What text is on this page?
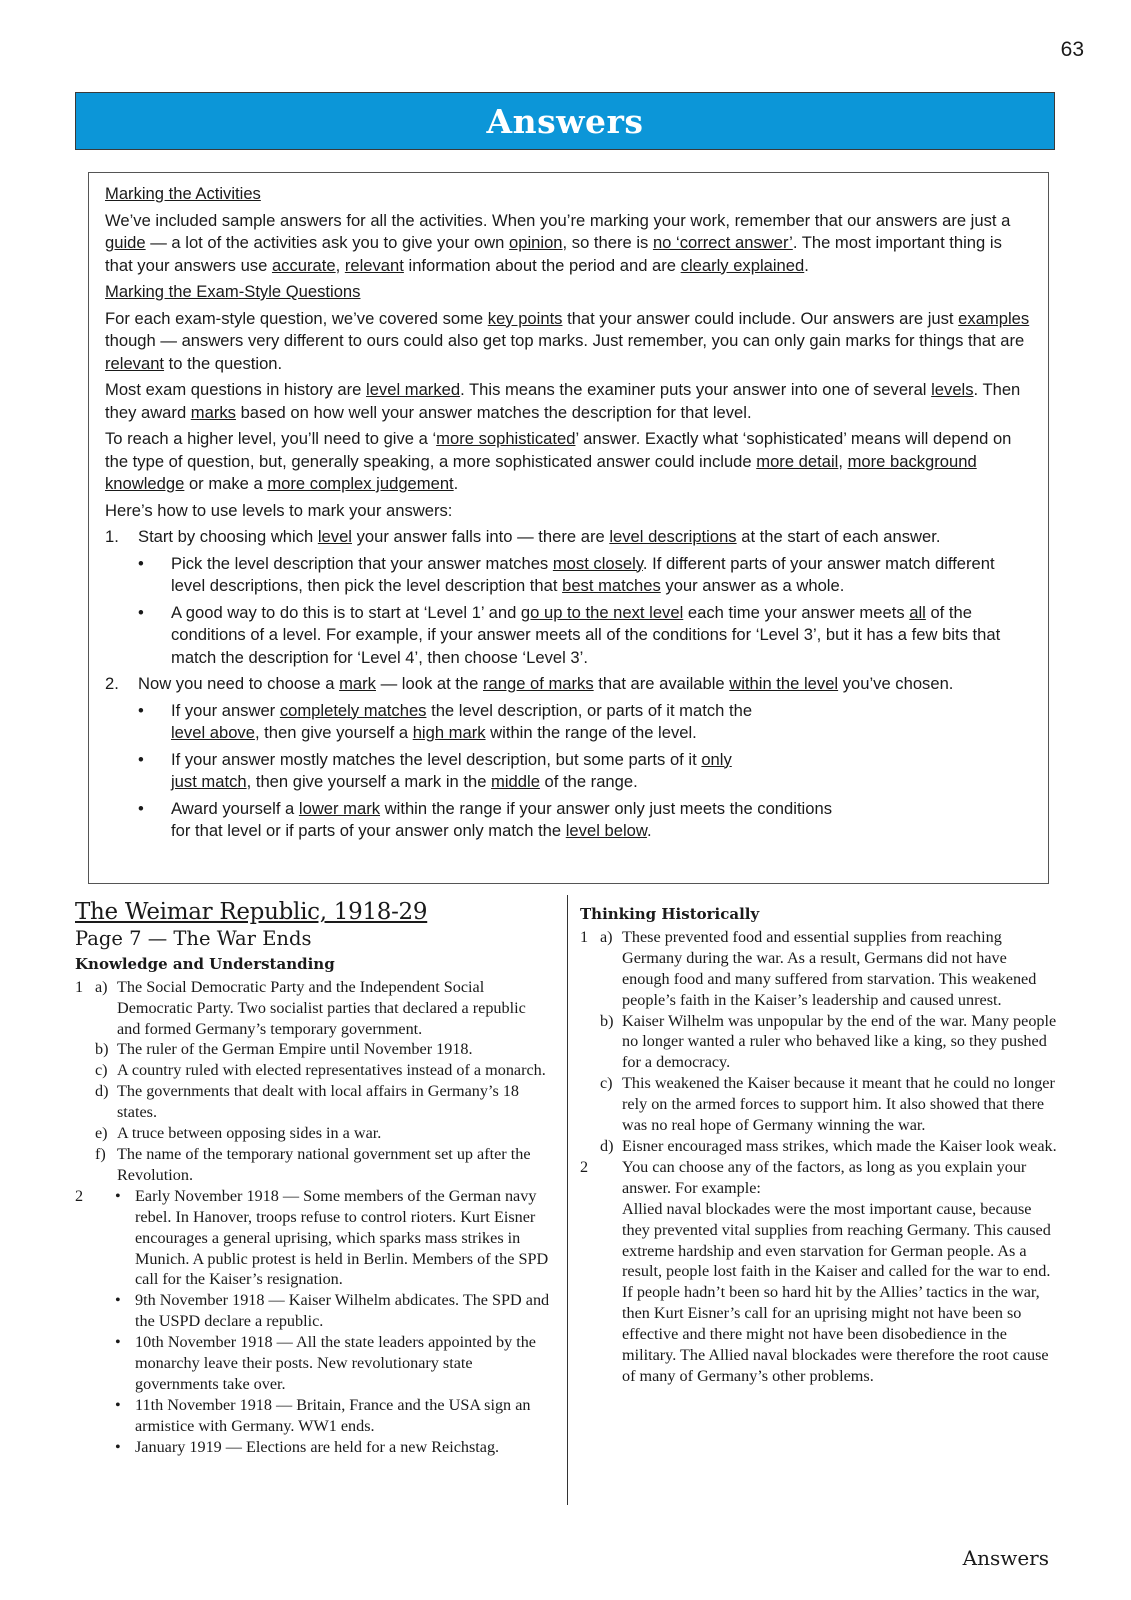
63
Answers

Marking the Activities

We’ve included sample answers for all the activities. When you’re marking your work, remember that our answers are just a guide — a lot of the activities ask you to give your own opinion, so there is no ‘correct answer’. The most important thing is that your answers use accurate, relevant information about the period and are clearly explained.

Marking the Exam-Style Questions

For each exam-style question, we’ve covered some key points that your answer could include. Our answers are just examples though — answers very different to ours could also get top marks. Just remember, you can only gain marks for things that are relevant to the question.

Most exam questions in history are level marked. This means the examiner puts your answer into one of several levels. Then they award marks based on how well your answer matches the description for that level.

To reach a higher level, you’ll need to give a ‘more sophisticated’ answer. Exactly what ‘sophisticated’ means will depend on the type of question, but, generally speaking, a more sophisticated answer could include more detail, more background knowledge or make a more complex judgement.

Here’s how to use levels to mark your answers:

1.	Start by choosing which level your answer falls into — there are level descriptions at the start of each answer.
•	Pick the level description that your answer matches most closely. If different parts of your answer match different level descriptions, then pick the level description that best matches your answer as a whole.
•	A good way to do this is to start at ‘Level 1’ and go up to the next level each time your answer meets all of the conditions of a level. For example, if your answer meets all of the conditions for ‘Level 3’, but it has a few bits that match the description for ‘Level 4’, then choose ‘Level 3’.
2.	Now you need to choose a mark — look at the range of marks that are available within the level you’ve chosen.
•	If your answer completely matches the level description, or parts of it match the level above, then give yourself a high mark within the range of the level.
•	If your answer mostly matches the level description, but some parts of it only just match, then give yourself a mark in the middle of the range.
•	Award yourself a lower mark within the range if your answer only just meets the conditions for that level or if parts of your answer only match the level below.
The Weimar Republic, 1918-29
Page 7 — The War Ends
Knowledge and Understanding
1 a) The Social Democratic Party and the Independent Social Democratic Party. Two socialist parties that declared a republic and formed Germany’s temporary government.
b) The ruler of the German Empire until November 1918.
c) A country ruled with elected representatives instead of a monarch.
d) The governments that dealt with local affairs in Germany’s 18 states.
e) A truce between opposing sides in a war.
f) The name of the temporary national government set up after the Revolution.
2	• Early November 1918 — Some members of the German navy rebel. In Hanover, troops refuse to control rioters. Kurt Eisner encourages a general uprising, which sparks mass strikes in Munich. A public protest is held in Berlin. Members of the SPD call for the Kaiser’s resignation.
• 9th November 1918 — Kaiser Wilhelm abdicates. The SPD and the USPD declare a republic.
• 10th November 1918 — All the state leaders appointed by the monarchy leave their posts. New revolutionary state governments take over.
• 11th November 1918 — Britain, France and the USA sign an armistice with Germany. WW1 ends.
• January 1919 — Elections are held for a new Reichstag.
Thinking Historically
1 a) These prevented food and essential supplies from reaching Germany during the war. As a result, Germans did not have enough food and many suffered from starvation. This weakened people’s faith in the Kaiser’s leadership and caused unrest.
b) Kaiser Wilhelm was unpopular by the end of the war. Many people no longer wanted a ruler who behaved like a king, so they pushed for a democracy.
c) This weakened the Kaiser because it meant that he could no longer rely on the armed forces to support him. It also showed that there was no real hope of Germany winning the war.
d) Eisner encouraged mass strikes, which made the Kaiser look weak.
2	You can choose any of the factors, as long as you explain your answer. For example:
Allied naval blockades were the most important cause, because they prevented vital supplies from reaching Germany. This caused extreme hardship and even starvation for German people. As a result, people lost faith in the Kaiser and called for the war to end. If people hadn’t been so hard hit by the Allies’ tactics in the war, then Kurt Eisner’s call for an uprising might not have been so effective and there might not have been disobedience in the military. The Allied naval blockades were therefore the root cause of many of Germany’s other problems.
Answers
